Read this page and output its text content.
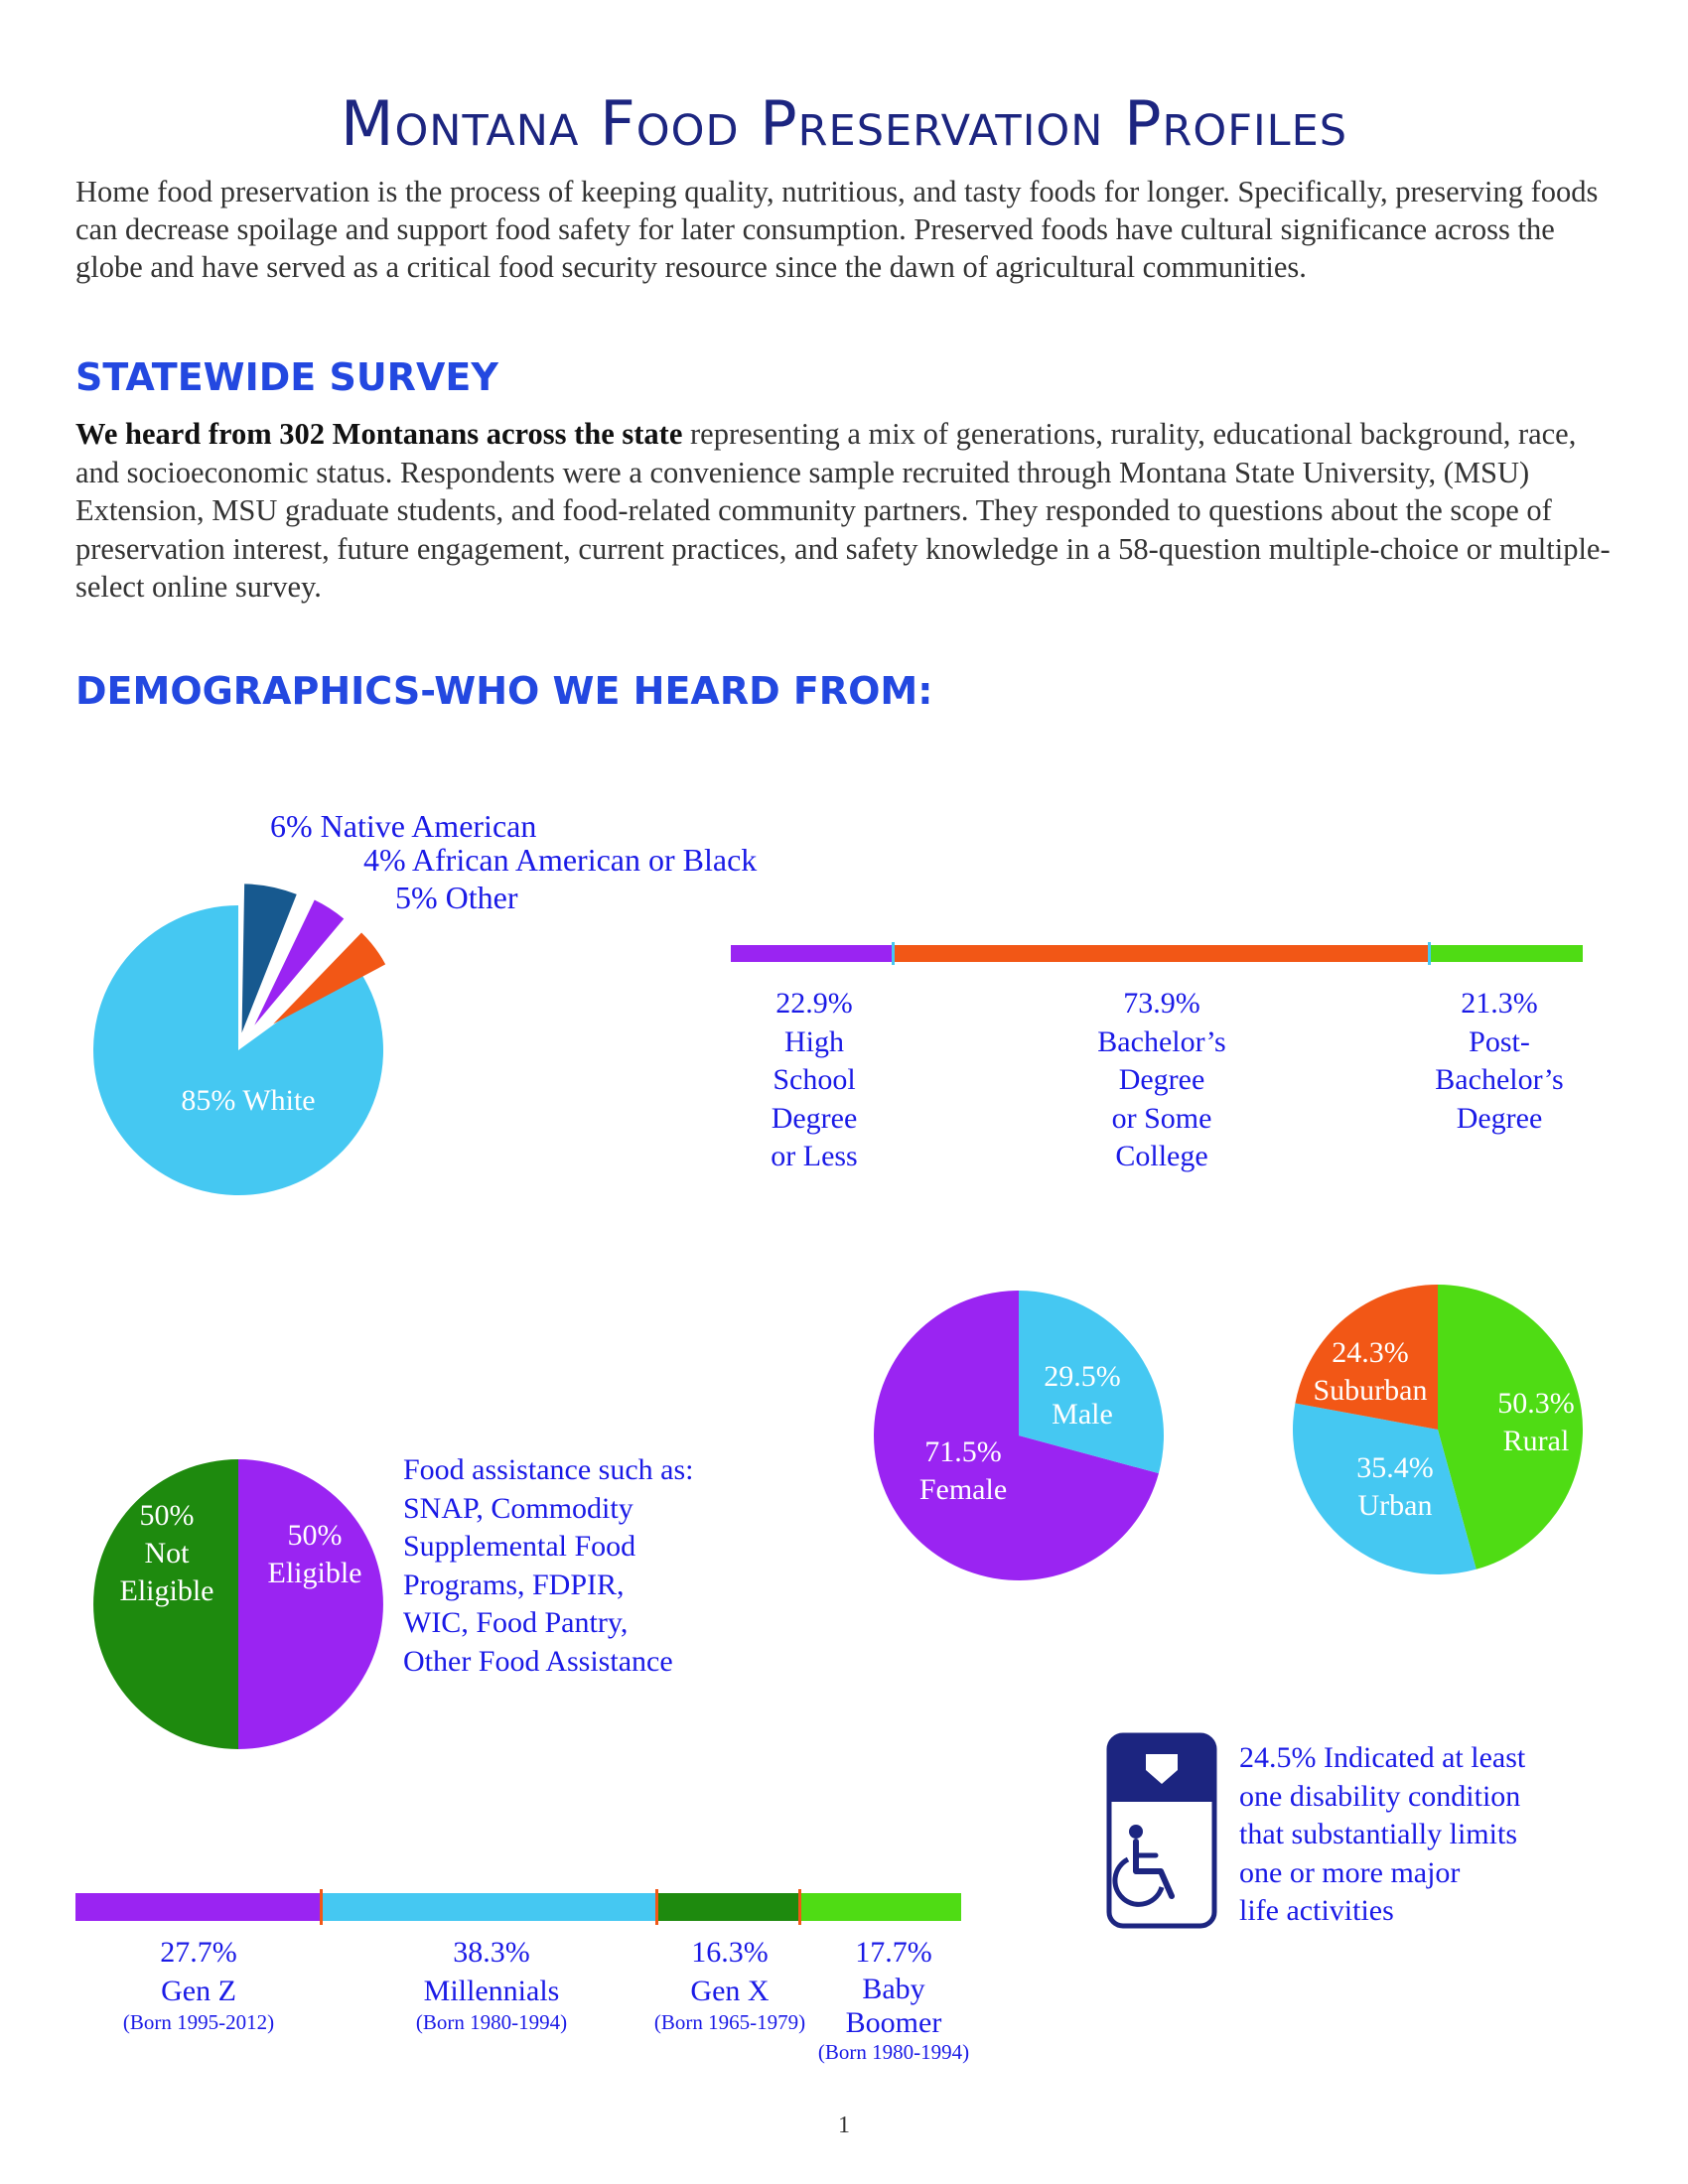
Montana Food Preservation Profiles
Home food preservation is the process of keeping quality, nutritious, and tasty foods for longer. Specifically, preserving foods can decrease spoilage and support food safety for later consumption. Preserved foods have cultural significance across the globe and have served as a critical food security resource since the dawn of agricultural communities.
STATEWIDE SURVEY
We heard from 302 Montanans across the state representing a mix of generations, rurality, educational background, race, and socioeconomic status. Respondents were a convenience sample recruited through Montana State University, (MSU) Extension, MSU graduate students, and food-related community partners. They responded to questions about the scope of preservation interest, future engagement, current practices, and safety knowledge in a 58-question multiple-choice or multiple-select online survey.
DEMOGRAPHICS-WHO WE HEARD FROM:
85% White
6% Native American
4% African American or Black
5% Other
22.9%
High
School
Degree
or Less
73.9%
Bachelor’s
Degree
or Some
College
21.3%
Post-
Bachelor’s
Degree
29.5%
Male
71.5%
Female
24.3%
Suburban	50.3%
Rural
35.4%
Urban
50%
Not
Eligible
50%
Eligible
Food assistance such as:
SNAP, Commodity
Supplemental Food
Programs, FDPIR,
WIC, Food Pantry,
Other Food Assistance
24.5% Indicated at least
one disability condition
that substantially limits
one or more major
life activities
27.7%
Gen Z
(Born 1995-2012)
38.3%
Millennials
(Born 1980-1994)
16.3%
Gen X
(Born 1965-1979)
17.7%
Baby
Boomer
(Born 1980-1994)
1
